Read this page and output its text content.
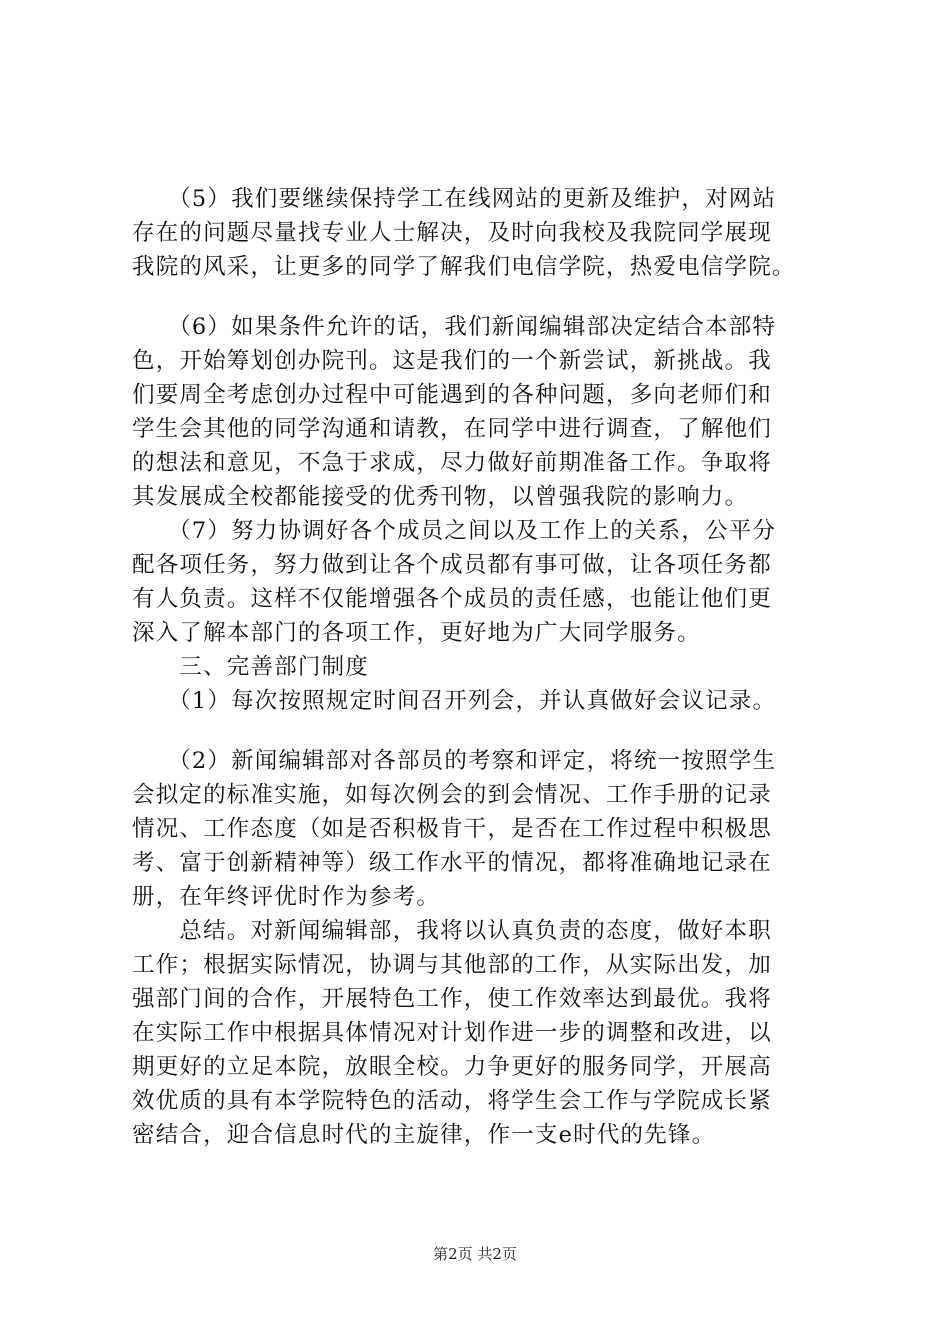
　　（5）我们要继续保持学工在线网站的更新及维护，对网站
存在的问题尽量找专业人士解决，及时向我校及我院同学展现
我院的风采，让更多的同学了解我们电信学院，热爱电信学院。
　　（6）如果条件允许的话，我们新闻编辑部决定结合本部特
色，开始筹划创办院刊。这是我们的一个新尝试，新挑战。我
们要周全考虑创办过程中可能遇到的各种问题，多向老师们和
学生会其他的同学沟通和请教，在同学中进行调查，了解他们
的想法和意见，不急于求成，尽力做好前期准备工作。争取将
其发展成全校都能接受的优秀刊物，以曾强我院的影响力。
　　（7）努力协调好各个成员之间以及工作上的关系，公平分
配各项任务，努力做到让各个成员都有事可做，让各项任务都
有人负责。这样不仅能增强各个成员的责任感，也能让他们更
深入了解本部门的各项工作，更好地为广大同学服务。
　　三、完善部门制度
　　（1）每次按照规定时间召开列会，并认真做好会议记录。
　　（2）新闻编辑部对各部员的考察和评定，将统一按照学生
会拟定的标准实施，如每次例会的到会情况、工作手册的记录
情况、工作态度（如是否积极肯干，是否在工作过程中积极思
考、富于创新精神等）级工作水平的情况，都将准确地记录在
册，在年终评优时作为参考。
　　总结。对新闻编辑部，我将以认真负责的态度，做好本职
工作；根据实际情况，协调与其他部的工作，从实际出发，加
强部门间的合作，开展特色工作，使工作效率达到最优。我将
在实际工作中根据具体情况对计划作进一步的调整和改进，以
期更好的立足本院，放眼全校。力争更好的服务同学，开展高
效优质的具有本学院特色的活动，将学生会工作与学院成长紧
密结合，迎合信息时代的主旋律，作一支e时代的先锋。
第2页 共2页
